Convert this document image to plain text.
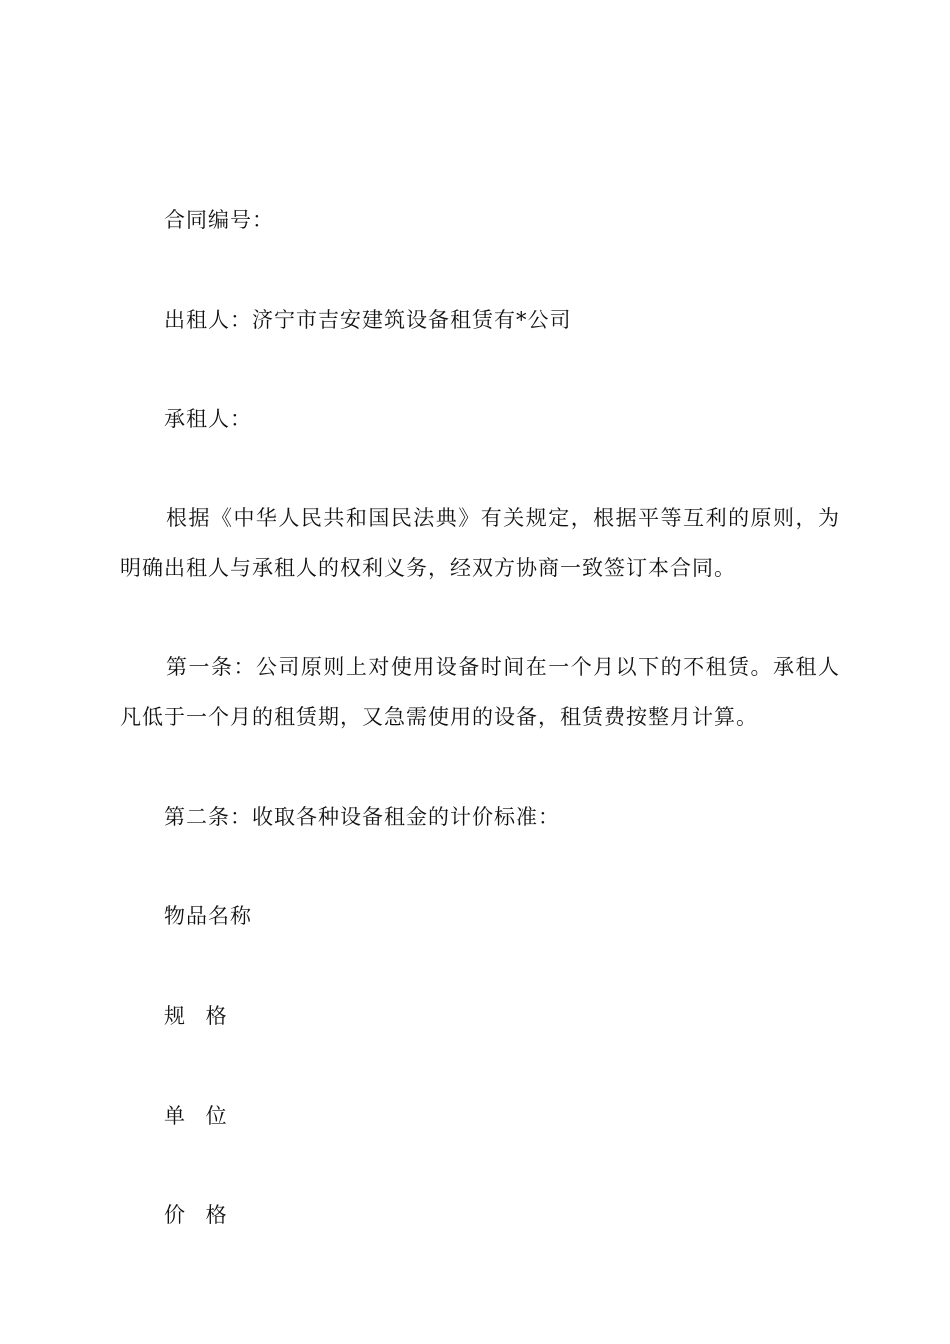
合同编号：
出租人：济宁市吉安建筑设备租赁有*公司
承租人：
根据《中华人民共和国民法典》有关规定，根据平等互利的原则，为明确出租人与承租人的权利义务，经双方协商一致签订本合同。
第一条：公司原则上对使用设备时间在一个月以下的不租赁。承租人凡低于一个月的租赁期，又急需使用的设备，租赁费按整月计算。
第二条：收取各种设备租金的计价标准：
物品名称
规 格
单 位
价 格
